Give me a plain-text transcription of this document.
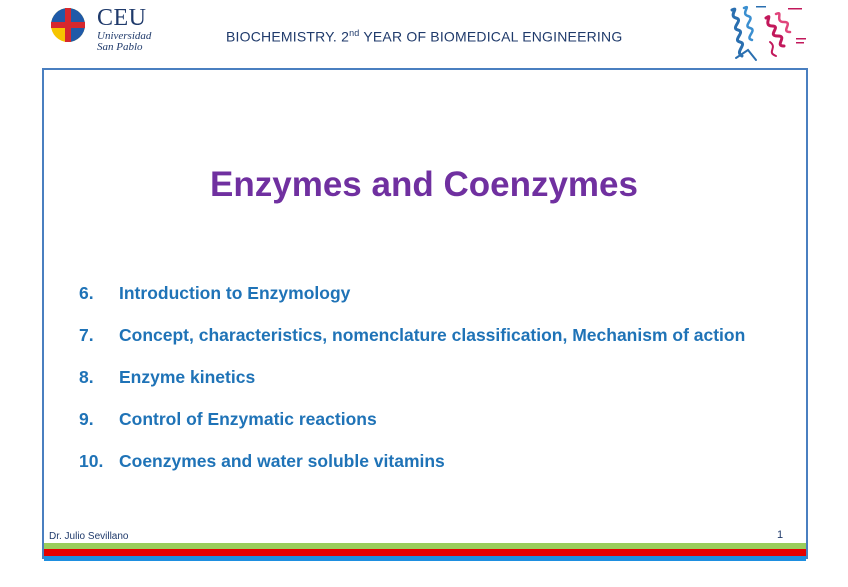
CEU
Universidad
San Pablo
BIOCHEMISTRY. 2nd YEAR OF BIOMEDICAL ENGINEERING
Enzymes and Coenzymes
6.	Introduction to Enzymology
7.	Concept, characteristics, nomenclature classification, Mechanism of action
8.	Enzyme kinetics
9.	Control of Enzymatic reactions
10. Coenzymes and water soluble vitamins
Dr. Julio Sevillano	1
